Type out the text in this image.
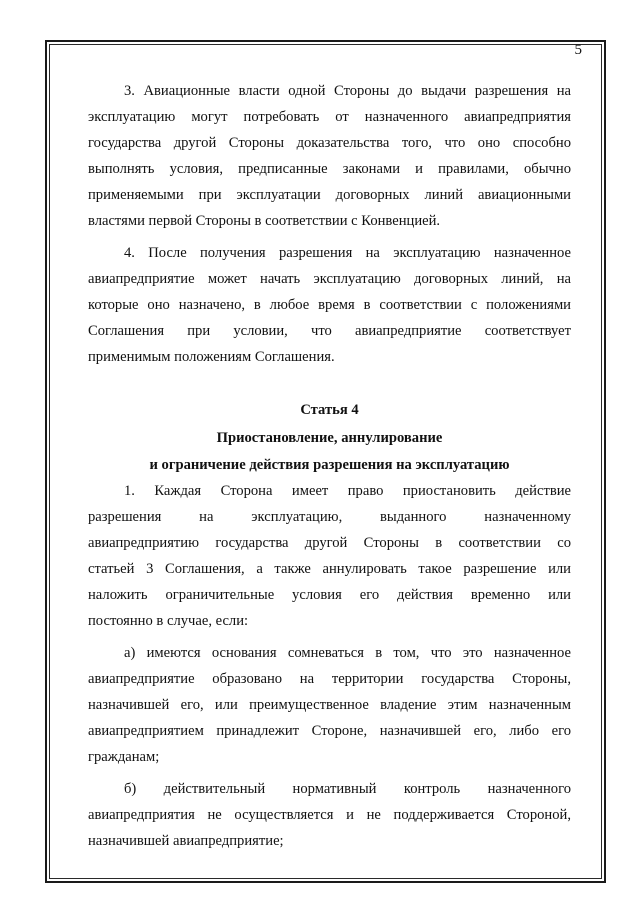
5
3. Авиационные власти одной Стороны до выдачи разрешения на
эксплуатацию могут потребовать от назначенного авиапредприятия
государства другой Стороны доказательства того, что оно способно
выполнять условия, предписанные законами и правилами, обычно
применяемыми при эксплуатации договорных линий авиационными
властями первой Стороны в соответствии с Конвенцией.
4. После получения разрешения на эксплуатацию назначенное
авиапредприятие может начать эксплуатацию договорных линий, на
которые оно назначено, в любое время в соответствии с положениями
Соглашения при условии, что авиапредприятие соответствует
применимым положениям Соглашения.
Статья 4
Приостановление, аннулирование
и ограничение действия разрешения на эксплуатацию
1. Каждая Сторона имеет право приостановить действие
разрешения на эксплуатацию, выданного назначенному
авиапредприятию государства другой Стороны в соответствии со
статьей 3 Соглашения, а также аннулировать такое разрешение или
наложить ограничительные условия его действия временно или
постоянно в случае, если:
а) имеются основания сомневаться в том, что это назначенное
авиапредприятие образовано на территории государства Стороны,
назначившей его, или преимущественное владение этим назначенным
авиапредприятием принадлежит Стороне, назначившей его, либо его
гражданам;
б) действительный нормативный контроль назначенного
авиапредприятия не осуществляется и не поддерживается Стороной,
назначившей авиапредприятие;
